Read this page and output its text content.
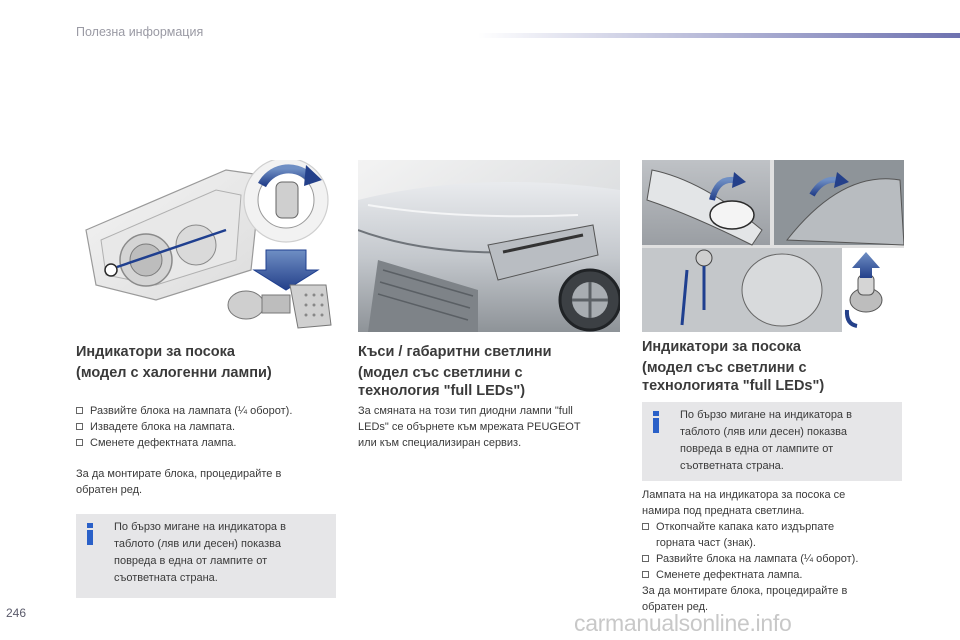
Полезна информация
Индикатори за посока
(модел с халогенни лампи)
Развийте блока на лампата (¼ оборот).
Извадете блока на лампата.
Сменете дефектната лампа.
За да монтирате блока, процедирайте в
обратен ред.
По бързо мигане на индикатора в
таблото (ляв или десен) показва
повреда в една от лампите от
съответната страна.
Къси / габаритни светлини
(модел със светлини с
технология "full LEDs")
За смяната на този тип диодни лампи "full
LEDs" се обърнете към мрежата PEUGEOT
или към специализиран сервиз.
Индикатори за посока
(модел със светлини с
технологията "full LEDs")
По бързо мигане на индикатора в
таблото (ляв или десен) показва
повреда в една от лампите от
съответната страна.
Лампата на на индикатора за посока се
намира под предната светлина.
Откопчайте капака като издърпате
горната част (знак).
Развийте блока на лампата (¼ оборот).
Сменете дефектната лампа.
За да монтирате блока, процедирайте в
обратен ред.
246	carmanualsonline.info
